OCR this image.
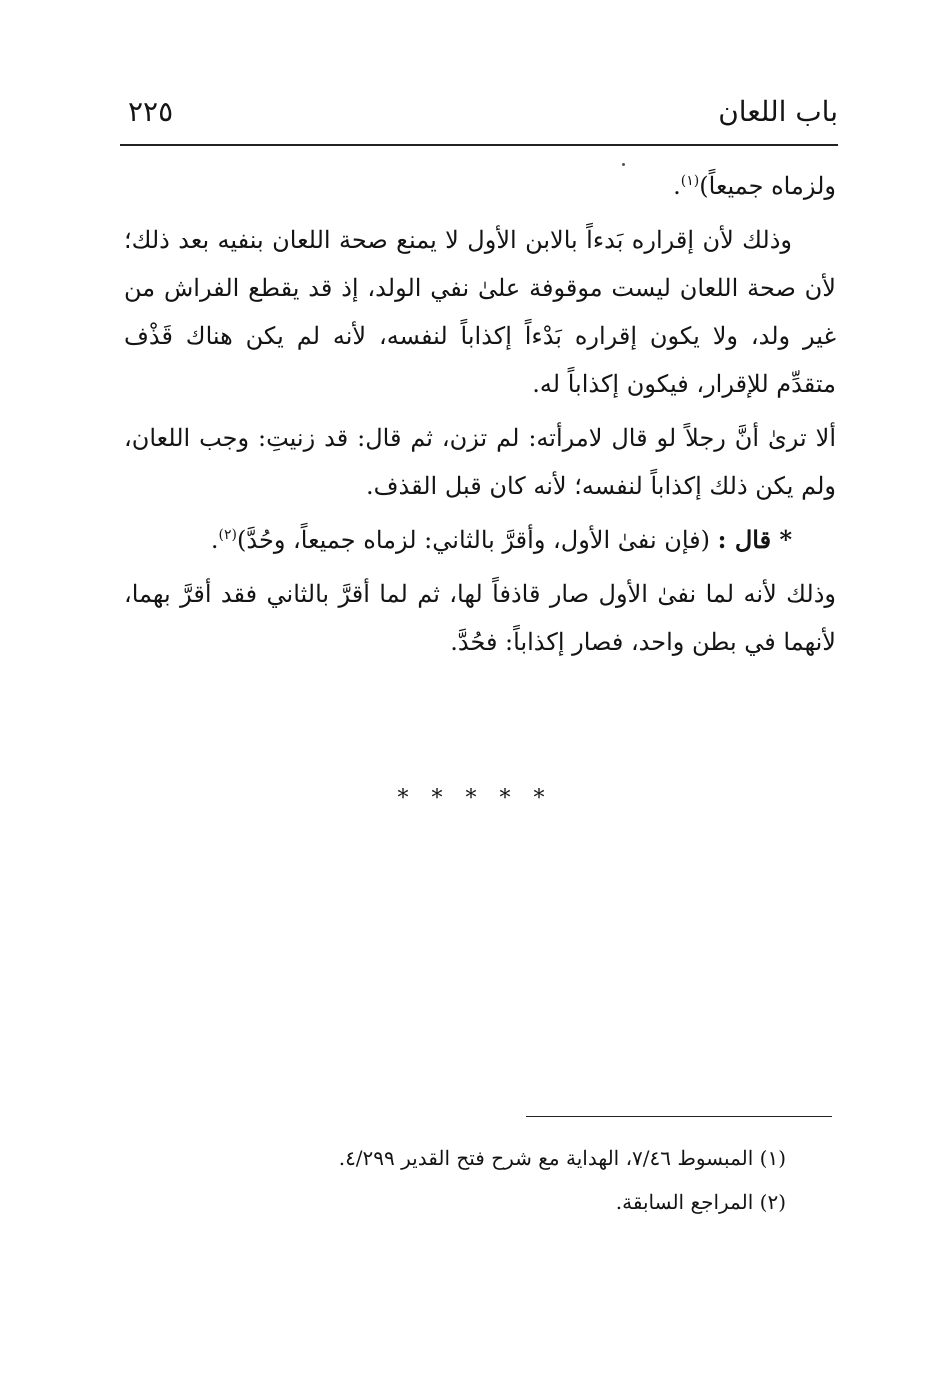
باب اللعان
٢٢٥

ولزماه جميعاً)$^{(١)}$.

وذلك لأن إقراره بَدءاً بالابن الأول لا يمنع صحة اللعان بنفيه بعد ذلك؛ لأن صحة اللعان ليست موقوفة علىٰ نفي الولد، إذ قد يقطع الفراش من غير ولد، ولا يكون إقراره بَدْءاً إكذاباً لنفسه، لأنه لم يكن هناك قَذْف متقدِّم للإقرار، فيكون إكذاباً له.

ألا ترىٰ أنَّ رجلاً لو قال لامرأته: لم تزن، ثم قال: قد زنيتِ: وجب اللعان، ولم يكن ذلك إكذاباً لنفسه؛ لأنه كان قبل القذف.

* قال : (فإن نفىٰ الأول، وأقرَّ بالثاني: لزماه جميعاً، وحُدَّ)$^{(٢)}$.

وذلك لأنه لما نفىٰ الأول صار قاذفاً لها، ثم لما أقرَّ بالثاني فقد أقرَّ بهما، لأنهما في بطن واحد، فصار إكذاباً: فحُدَّ.

* * * * *

(١) المبسوط ٧/٤٦، الهداية مع شرح فتح القدير ٤/٢٩٩.

(٢) المراجع السابقة.
